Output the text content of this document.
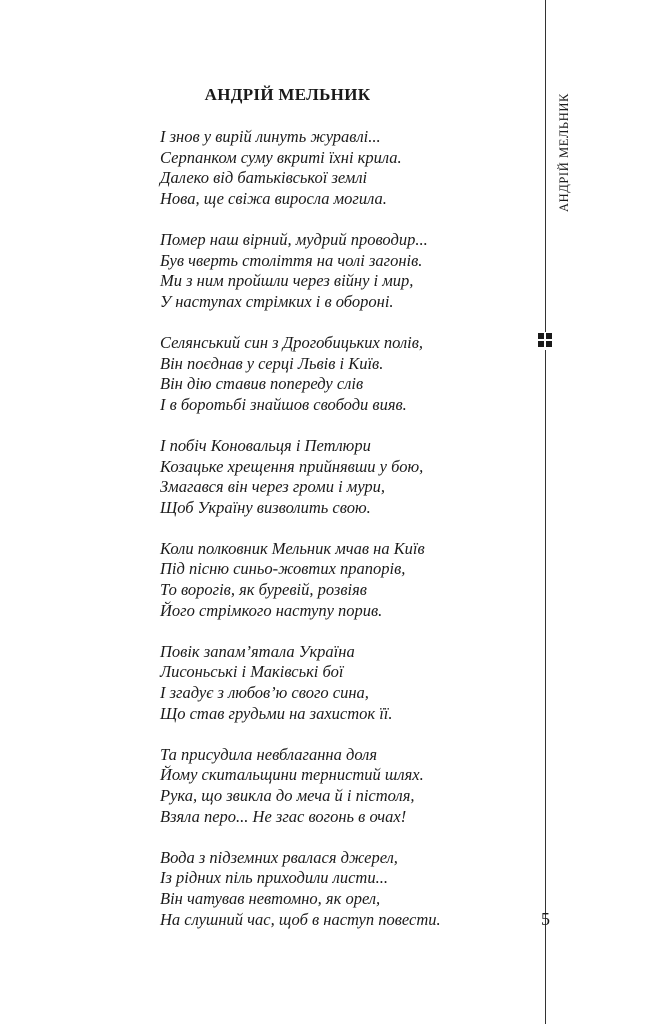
АНДРІЙ МЕЛЬНИК
І знов у вирій линуть журавлі...
Серпанком суму вкриті їхні крила.
Далеко від батьківської землі
Нова, ще свіжа виросла могила.
Помер наш вірний, мудрий проводир...
Був чверть століття на чолі загонів.
Ми з ним пройшли через війну і мир,
У наступах стрімких і в обороні.
Селянський син з Дрогобицьких полів,
Він поєднав у серці Львів і Київ.
Він дію ставив попереду слів
І в боротьбі знайшов свободи вияв.
І побіч Коновальця і Петлюри
Козацьке хрещення прийнявши у бою,
Змагався він через громи і мури,
Щоб Україну визволить свою.
Коли полковник Мельник мчав на Київ
Під пісню синьо-жовтих прапорів,
То ворогів, як буревій, розвіяв
Його стрімкого наступу порив.
Повік запам’ятала Україна
Лисоньські і Маківські бої
І згадує з любов’ю свого сина,
Що став грудьми на захисток її.
Та присудила невблаганна доля
Йому скитальщини тернистий шлях.
Рука, що звикла до меча й і пістоля,
Взяла перо... Не згас вогонь в очах!
Вода з підземних рвалася джерел,
Із рідних піль приходили листи...
Він чатував невтомно, як орел,
На слушний час, щоб в наступ повести.
АНДРІЙ МЕЛЬНИК
5
